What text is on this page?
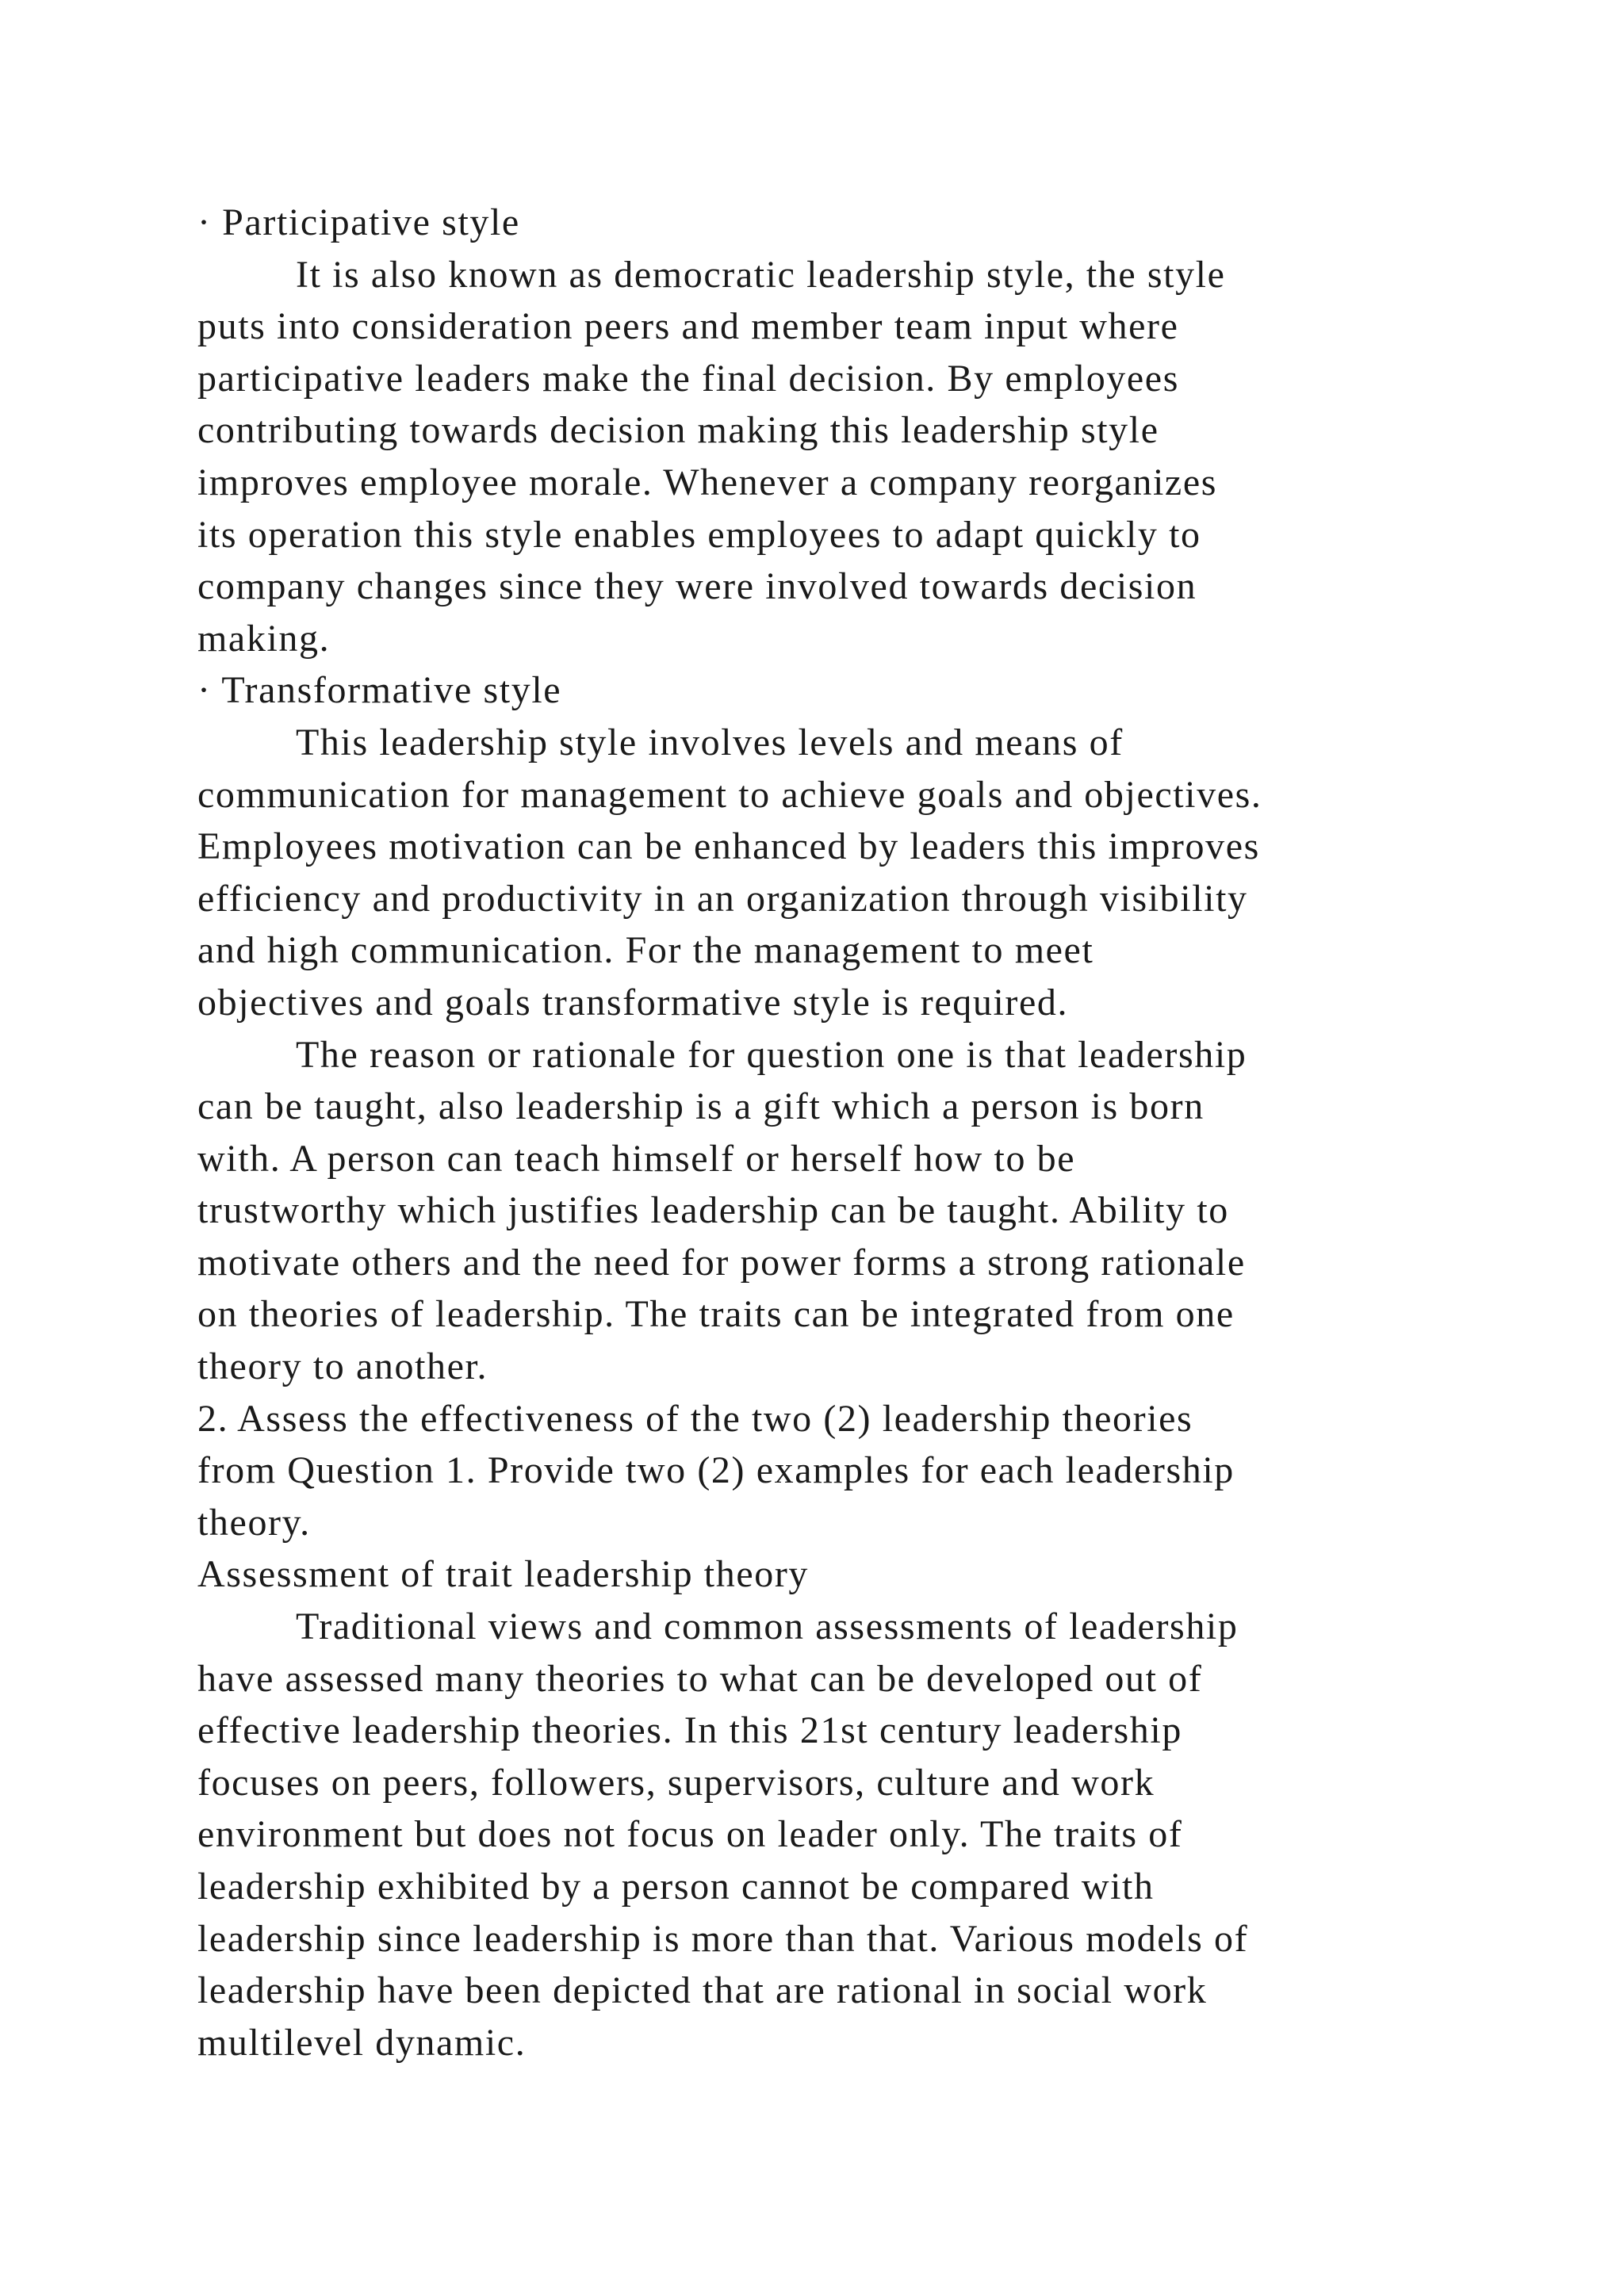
· Participative style
It is also known as democratic leadership style, the style
puts into consideration peers and member team input where
participative leaders make the final decision. By employees
contributing towards decision making this leadership style
improves employee morale. Whenever a company reorganizes
its operation this style enables employees to adapt quickly to
company changes since they were involved towards decision
making.
· Transformative style
This leadership style involves levels and means of
communication for management to achieve goals and objectives.
Employees motivation can be enhanced by leaders this improves
efficiency and productivity in an organization through visibility
and high communication. For the management to meet
objectives and goals transformative style is required.
The reason or rationale for question one is that leadership
can be taught, also leadership is a gift which a person is born
with. A person can teach himself or herself how to be
trustworthy which justifies leadership can be taught. Ability to
motivate others and the need for power forms a strong rationale
on theories of leadership. The traits can be integrated from one
theory to another.
2. Assess the effectiveness of the two (2) leadership theories
from Question 1. Provide two (2) examples for each leadership
theory.
Assessment of trait leadership theory
Traditional views and common assessments of leadership
have assessed many theories to what can be developed out of
effective leadership theories. In this 21st century leadership
focuses on peers, followers, supervisors, culture and work
environment but does not focus on leader only. The traits of
leadership exhibited by a person cannot be compared with
leadership since leadership is more than that. Various models of
leadership have been depicted that are rational in social work
multilevel dynamic.
